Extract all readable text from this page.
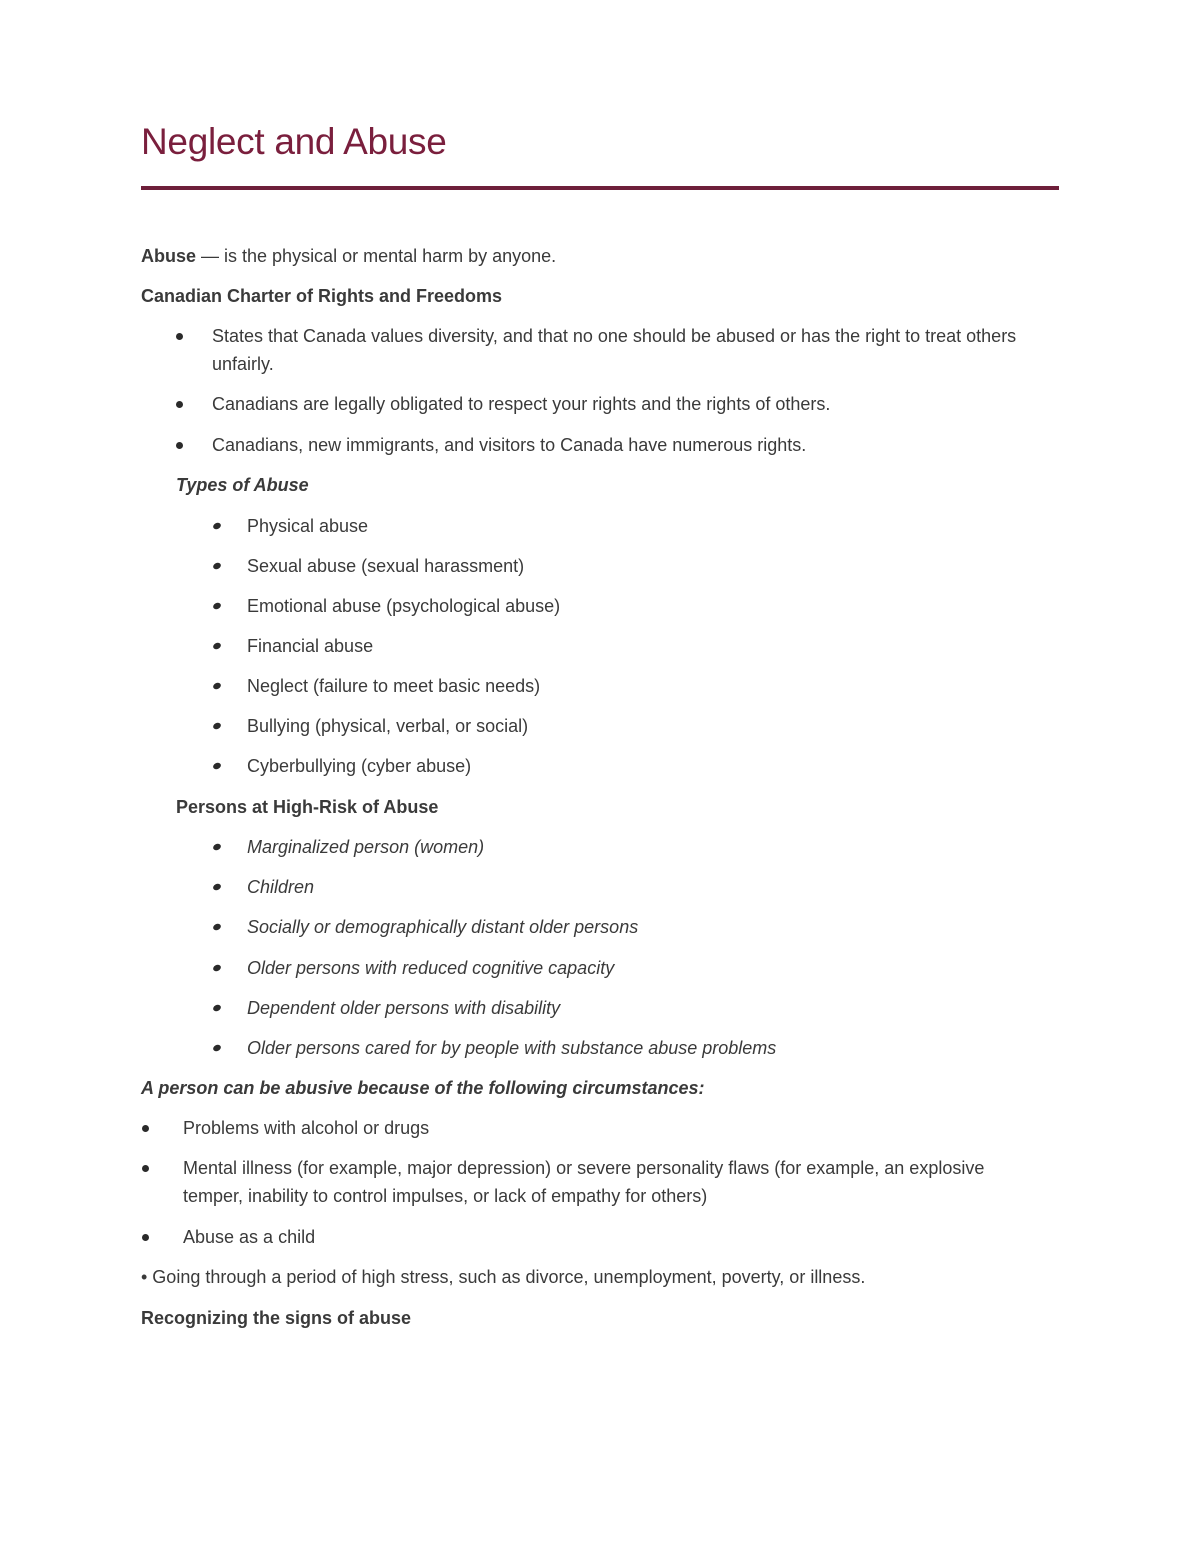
Neglect and Abuse

Abuse — is the physical or mental harm by anyone.

Canadian Charter of Rights and Freedoms

States that Canada values diversity, and that no one should be abused or has the right to treat others unfairly.
Canadians are legally obligated to respect your rights and the rights of others.
Canadians, new immigrants, and visitors to Canada have numerous rights.

Types of Abuse

Physical abuse
Sexual abuse (sexual harassment)
Emotional abuse (psychological abuse)
Financial abuse
Neglect (failure to meet basic needs)
Bullying (physical, verbal, or social)
Cyberbullying (cyber abuse)

Persons at High-Risk of Abuse

Marginalized person (women)
Children
Socially or demographically distant older persons
Older persons with reduced cognitive capacity
Dependent older persons with disability
Older persons cared for by people with substance abuse problems

A person can be abusive because of the following circumstances:

Problems with alcohol or drugs
Mental illness (for example, major depression) or severe personality flaws (for example, an explosive temper, inability to control impulses, or lack of empathy for others)
Abuse as a child

• Going through a period of high stress, such as divorce, unemployment, poverty, or illness.

Recognizing the signs of abuse
